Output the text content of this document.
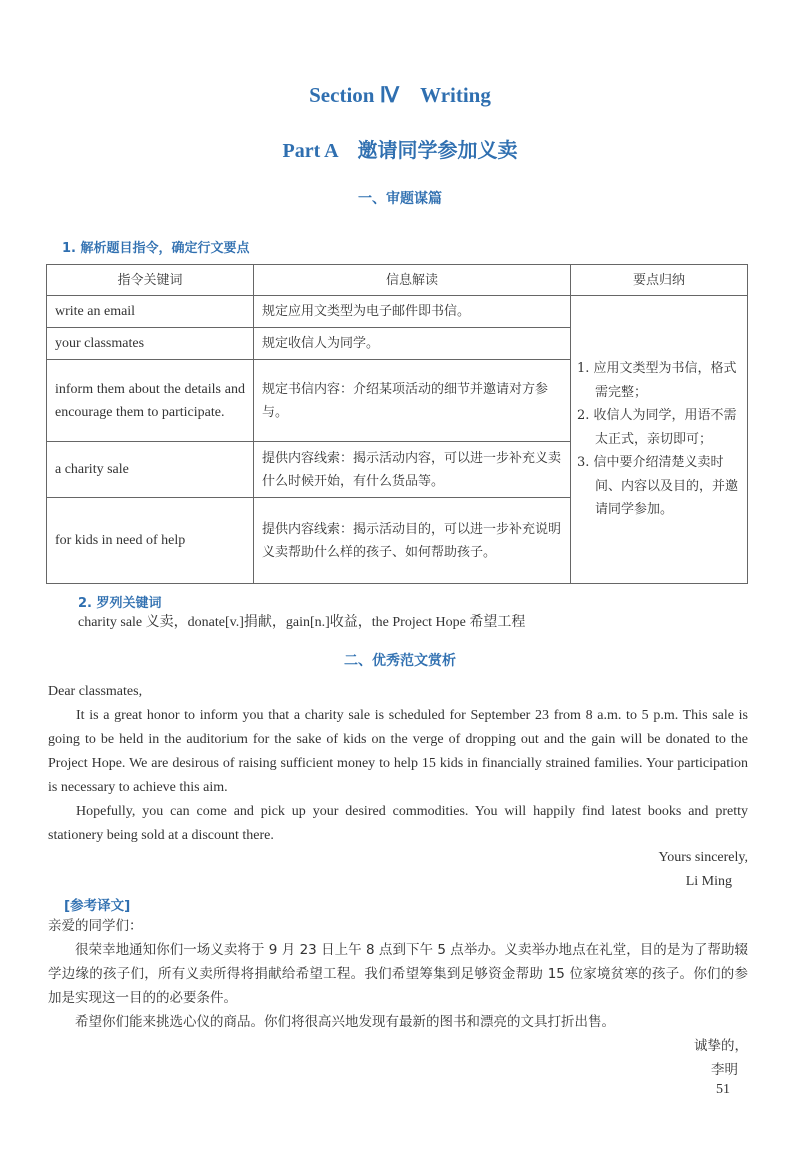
Section Ⅳ　Writing
Part A　邀请同学参加义卖
一、审题谋篇
1. 解析题目指令，确定行文要点
指令关键词	信息解读	要点归纳
write an email	规定应用文类型为电子邮件即书信。	1. 应用文类型为书信，格式需完整；
2. 收信人为同学，用语不需太正式，亲切即可；
3. 信中要介绍清楚义卖时间、内容以及目的，并邀请同学参加。

your classmates	规定收信人为同学。	
inform them about the details and encourage them to participate.	规定书信内容：介绍某项活动的细节并邀请对方参与。	
a charity sale	提供内容线索：揭示活动内容，可以进一步补充义卖什么时候开始，有什么货品等。	
for kids in need of help	提供内容线索：揭示活动目的，可以进一步补充说明义卖帮助什么样的孩子、如何帮助孩子。	
2. 罗列关键词
charity sale 义卖，donate[v.]捐献，gain[n.]收益，the Project Hope 希望工程
二、优秀范文赏析
Dear classmates,
It is a great honor to inform you that a charity sale is scheduled for September 23 from 8 a.m. to 5 p.m. This sale is going to be held in the auditorium for the sake of kids on the verge of dropping out and the gain will be donated to the Project Hope. We are desirous of raising sufficient money to help 15 kids in financially strained families. Your participation is necessary to achieve this aim.
Hopefully, you can come and pick up your desired commodities. You will happily find latest books and pretty stationery being sold at a discount there.
Yours sincerely,
Li Ming
[参考译文]
亲爱的同学们：
很荣幸地通知你们一场义卖将于 9 月 23 日上午 8 点到下午 5 点举办。义卖举办地点在礼堂，目的是为了帮助辍学边缘的孩子们，所有义卖所得将捐献给希望工程。我们希望筹集到足够资金帮助 15 位家境贫寒的孩子。你们的参加是实现这一目的的必要条件。
希望你们能来挑选心仪的商品。你们将很高兴地发现有最新的图书和漂亮的文具打折出售。
诚挚的，
李明
51
